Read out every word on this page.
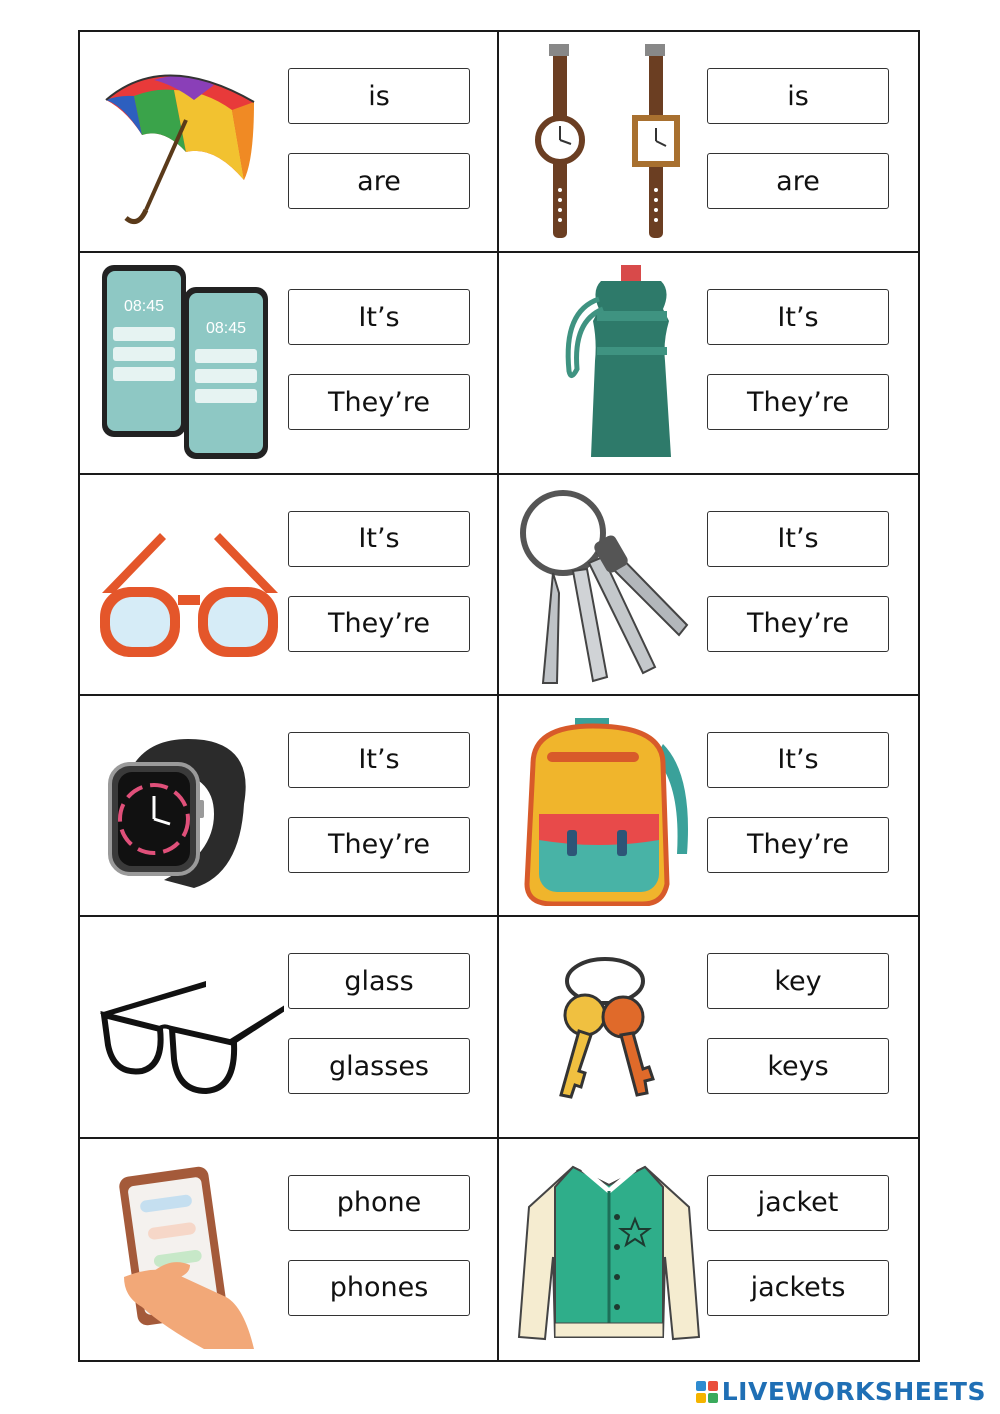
is
are
is
are
08:45
08:45	It’s
They’re
It’s
They’re
It’s
They’re
It’s
They’re
It’s
They’re
It’s
They’re
glass
glasses
key
keys
phone
phones
jacket
jackets
LIVEWORKSHEETS
